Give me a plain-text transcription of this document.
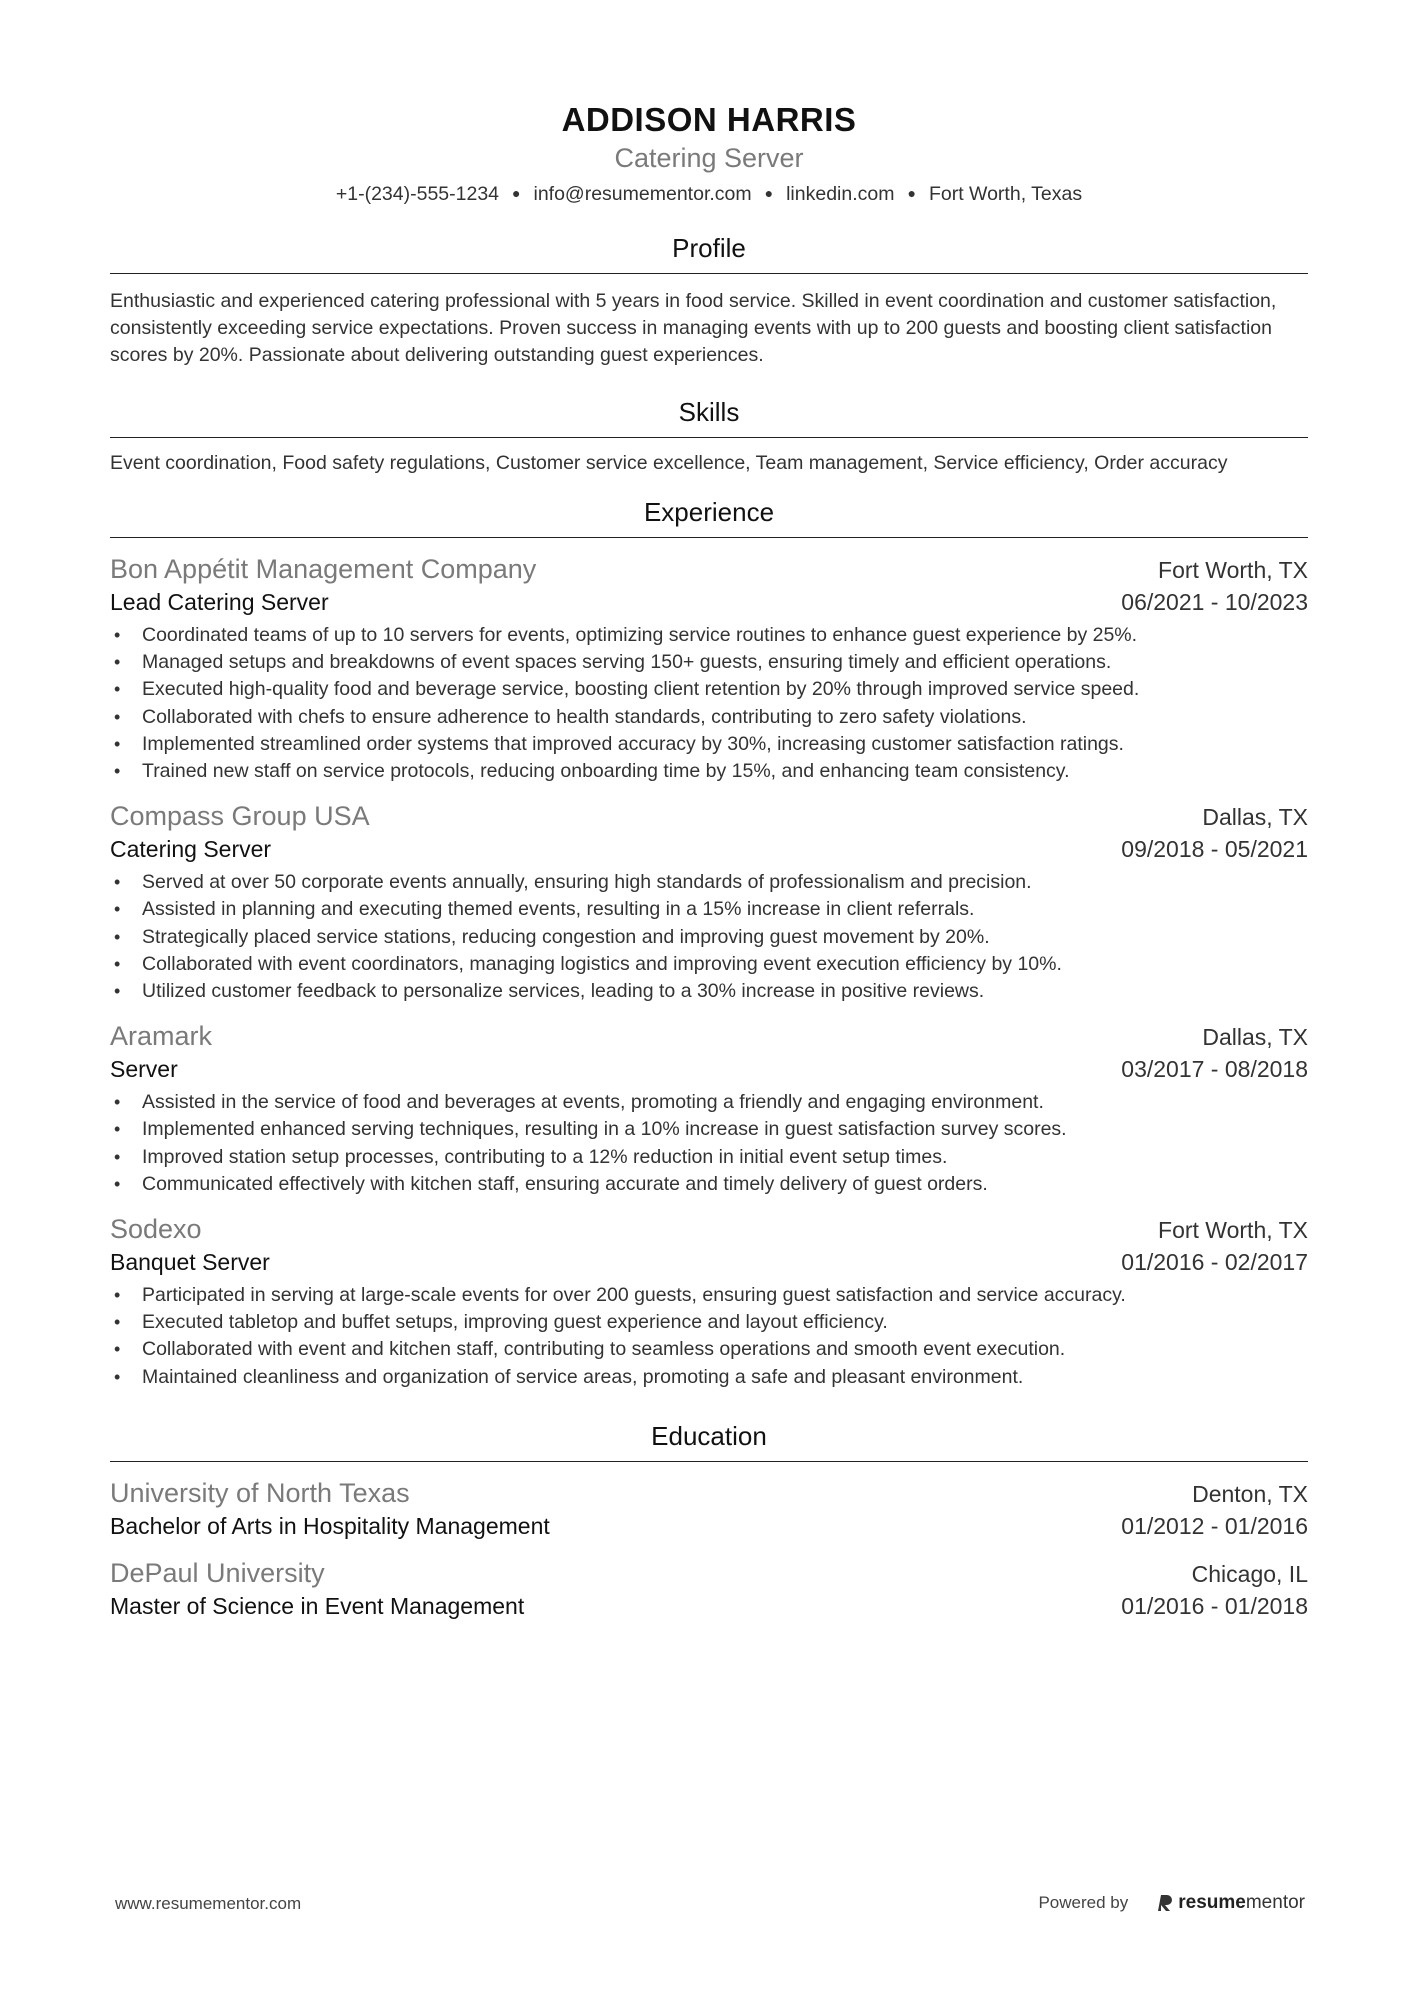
ADDISON HARRIS
Catering Server
+1-(234)-555-1234 ● info@resumementor.com ● linkedin.com ● Fort Worth, Texas
Profile
Enthusiastic and experienced catering professional with 5 years in food service. Skilled in event coordination and customer satisfaction, consistently exceeding service expectations. Proven success in managing events with up to 200 guests and boosting client satisfaction scores by 20%. Passionate about delivering outstanding guest experiences.
Skills
Event coordination, Food safety regulations, Customer service excellence, Team management, Service efficiency, Order accuracy
Experience
Bon Appétit Management Company	Fort Worth, TX
Lead Catering Server	06/2021 - 10/2023
• Coordinated teams of up to 10 servers for events, optimizing service routines to enhance guest experience by 25%.
• Managed setups and breakdowns of event spaces serving 150+ guests, ensuring timely and efficient operations.
• Executed high-quality food and beverage service, boosting client retention by 20% through improved service speed.
• Collaborated with chefs to ensure adherence to health standards, contributing to zero safety violations.
• Implemented streamlined order systems that improved accuracy by 30%, increasing customer satisfaction ratings.
• Trained new staff on service protocols, reducing onboarding time by 15%, and enhancing team consistency.
Compass Group USA	Dallas, TX
Catering Server	09/2018 - 05/2021
• Served at over 50 corporate events annually, ensuring high standards of professionalism and precision.
• Assisted in planning and executing themed events, resulting in a 15% increase in client referrals.
• Strategically placed service stations, reducing congestion and improving guest movement by 20%.
• Collaborated with event coordinators, managing logistics and improving event execution efficiency by 10%.
• Utilized customer feedback to personalize services, leading to a 30% increase in positive reviews.
Aramark	Dallas, TX
Server	03/2017 - 08/2018
• Assisted in the service of food and beverages at events, promoting a friendly and engaging environment.
• Implemented enhanced serving techniques, resulting in a 10% increase in guest satisfaction survey scores.
• Improved station setup processes, contributing to a 12% reduction in initial event setup times.
• Communicated effectively with kitchen staff, ensuring accurate and timely delivery of guest orders.
Sodexo	Fort Worth, TX
Banquet Server	01/2016 - 02/2017
• Participated in serving at large-scale events for over 200 guests, ensuring guest satisfaction and service accuracy.
• Executed tabletop and buffet setups, improving guest experience and layout efficiency.
• Collaborated with event and kitchen staff, contributing to seamless operations and smooth event execution.
• Maintained cleanliness and organization of service areas, promoting a safe and pleasant environment.
Education
University of North Texas	Denton, TX
Bachelor of Arts in Hospitality Management	01/2012 - 01/2016
DePaul University	Chicago, IL
Master of Science in Event Management	01/2016 - 01/2018
www.resumementor.com	Powered by	resume mentor
